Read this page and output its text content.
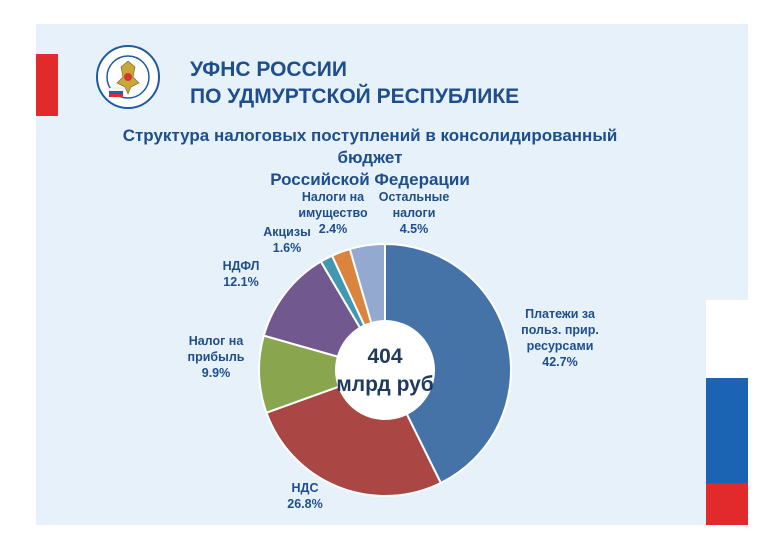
УФНС РОССИИ
ПО УДМУРТСКОЙ РЕСПУБЛИКЕ
Структура налоговых поступлений в консолидированный бюджет
Российской Федерации
404
млрд руб
Платежи за польз. прир. ресурсами 42.7%
НДС 26.8%
Налог на прибыль 9.9%
НДФЛ 12.1%
Акцизы 1.6%
Налоги на имущество 2.4%
Остальные налоги 4.5%
